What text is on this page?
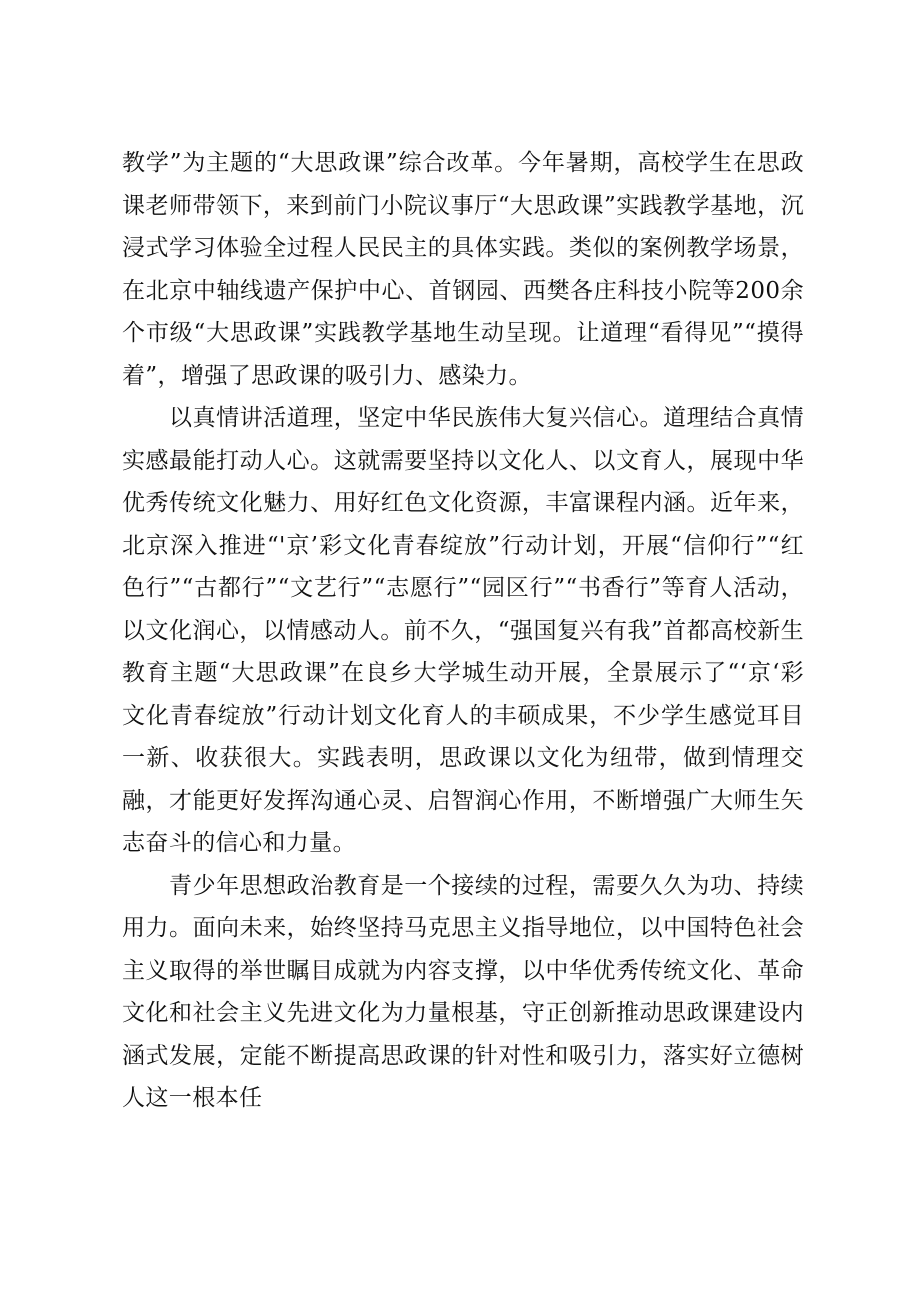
教学”为主题的“大思政课”综合改革。今年暑期，高校学生在思政课老师带领下，来到前门小院议事厅“大思政课”实践教学基地，沉浸式学习体验全过程人民民主的具体实践。类似的案例教学场景，在北京中轴线遗产保护中心、首钢园、西樊各庄科技小院等200余个市级“大思政课”实践教学基地生动呈现。让道理“看得见”“摸得着”，增强了思政课的吸引力、感染力。

　　以真情讲活道理，坚定中华民族伟大复兴信心。道理结合真情实感最能打动人心。这就需要坚持以文化人、以文育人，展现中华优秀传统文化魅力、用好红色文化资源，丰富课程内涵。近年来，北京深入推进“'京’彩文化青春绽放”行动计划，开展“信仰行”“红色行”“古都行”“文艺行”“志愿行”“园区行”“书香行”等育人活动，以文化润心，以情感动人。前不久，“强国复兴有我”首都高校新生教育主题“大思政课”在良乡大学城生动开展，全景展示了“‘京‘彩文化青春绽放”行动计划文化育人的丰硕成果，不少学生感觉耳目一新、收获很大。实践表明，思政课以文化为纽带，做到情理交融，才能更好发挥沟通心灵、启智润心作用，不断增强广大师生矢志奋斗的信心和力量。

　　青少年思想政治教育是一个接续的过程，需要久久为功、持续用力。面向未来，始终坚持马克思主义指导地位，以中国特色社会主义取得的举世瞩目成就为内容支撑，以中华优秀传统文化、革命文化和社会主义先进文化为力量根基，守正创新推动思政课建设内涵式发展，定能不断提高思政课的针对性和吸引力，落实好立德树人这一根本任
